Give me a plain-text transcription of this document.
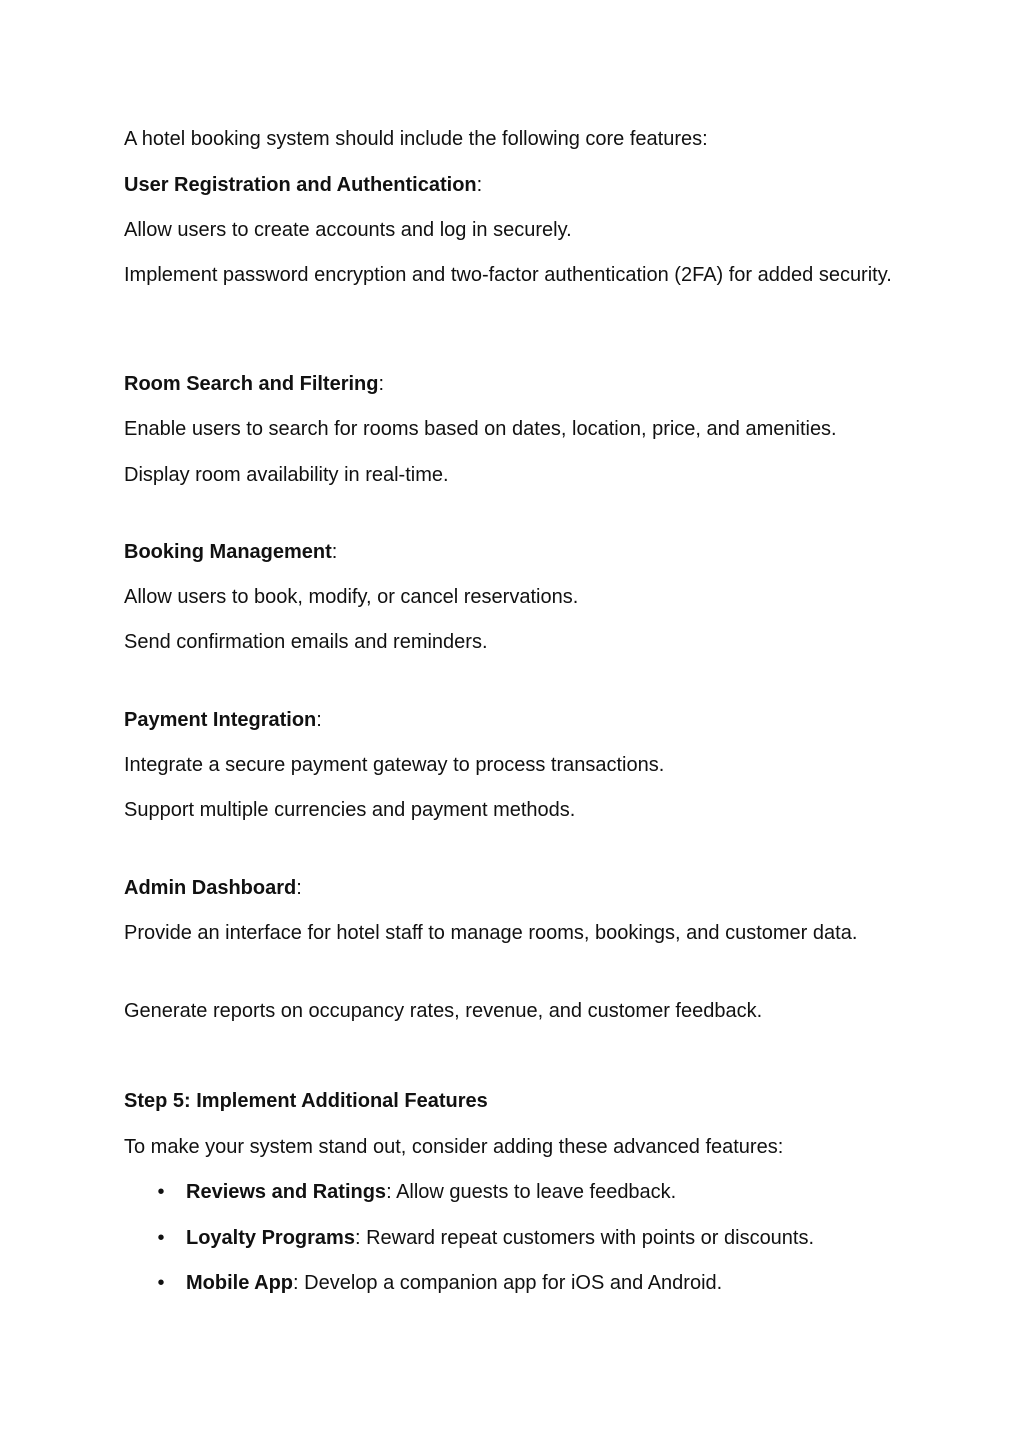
A hotel booking system should include the following core features:
User Registration and Authentication:
Allow users to create accounts and log in securely.
Implement password encryption and two-factor authentication (2FA) for added security.
Room Search and Filtering:
Enable users to search for rooms based on dates, location, price, and amenities.
Display room availability in real-time.
Booking Management:
Allow users to book, modify, or cancel reservations.
Send confirmation emails and reminders.
Payment Integration:
Integrate a secure payment gateway to process transactions.
Support multiple currencies and payment methods.
Admin Dashboard:
Provide an interface for hotel staff to manage rooms, bookings, and customer data.
Generate reports on occupancy rates, revenue, and customer feedback.
Step 5: Implement Additional Features
To make your system stand out, consider adding these advanced features:
• Reviews and Ratings: Allow guests to leave feedback.
• Loyalty Programs: Reward repeat customers with points or discounts.
• Mobile App: Develop a companion app for iOS and Android.
